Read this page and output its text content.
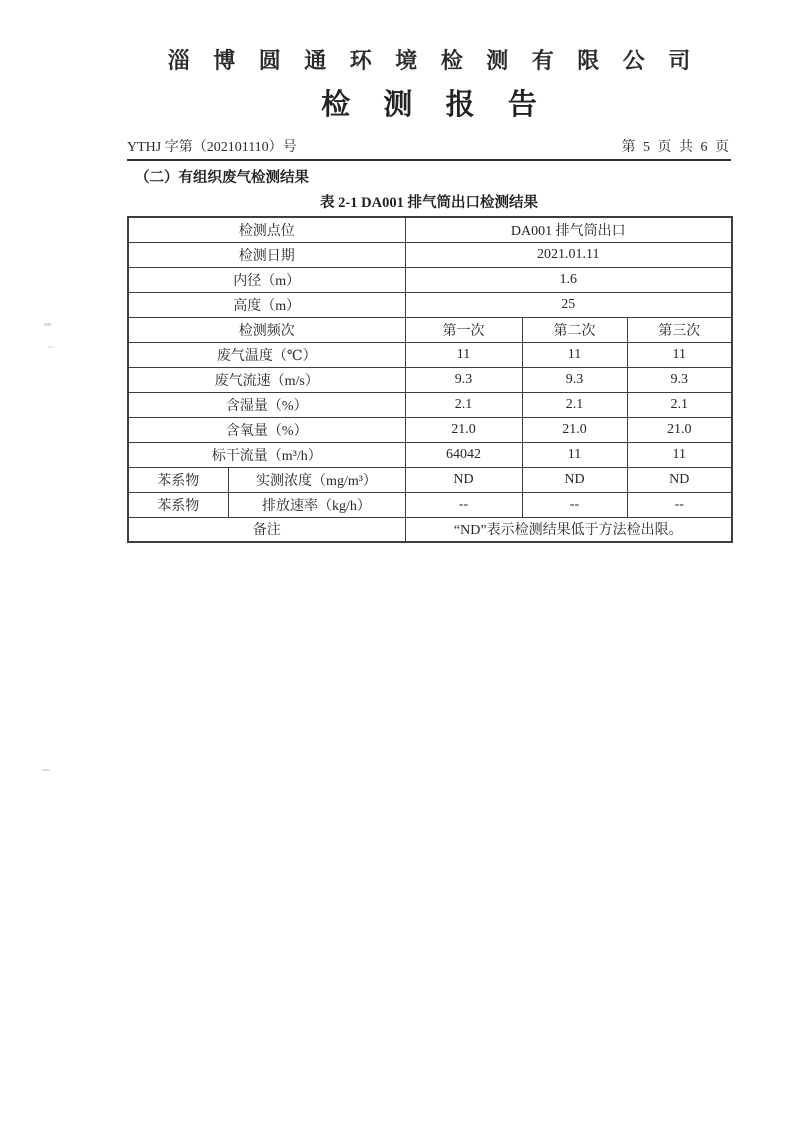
淄 博 圆 通 环 境 检 测 有 限 公 司
检 测 报 告
YTHJ 字第（202101110）号	第 5 页 共 6 页
（二）有组织废气检测结果
表 2-1 DA001 排气筒出口检测结果
检测点位		DA001 排气筒出口		
检测日期		2021.01.11		
内径（m）		1.6		
高度（m）		25		
检测频次		第一次	第二次	第三次
废气温度（℃）		11	11	11
废气流速（m/s）		9.3	9.3	9.3
含湿量（%）		2.1	2.1	2.1
含氧量（%）		21.0	21.0	21.0
标干流量（m³/h）		64042	11	11
苯系物	实测浓度（mg/m³）	ND	ND	ND
苯系物	排放速率（kg/h）	--	--	--
备注		“ND”表示检测结果低于方法检出限。		
